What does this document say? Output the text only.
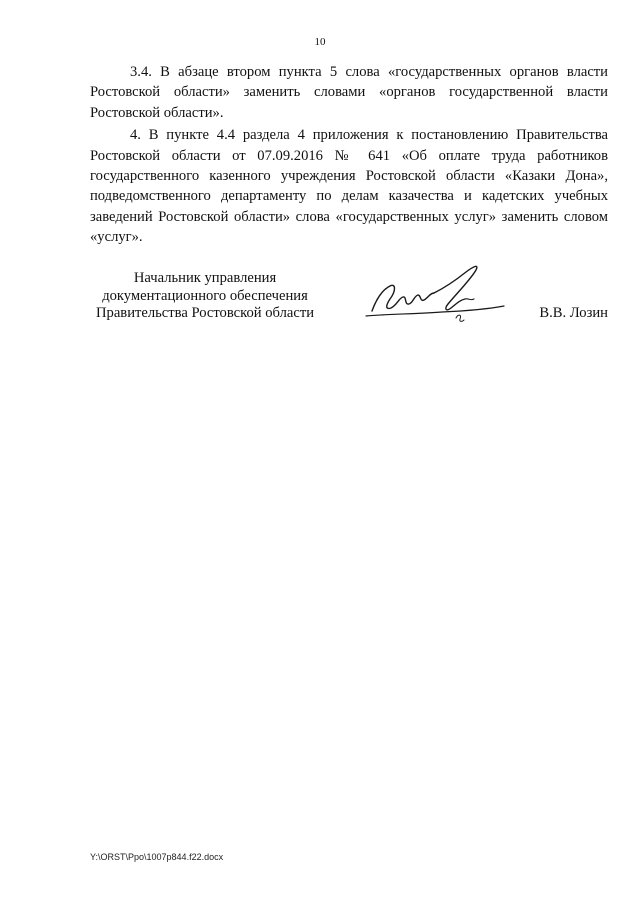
10

3.4. В абзаце втором пункта 5 слова «государственных органов власти Ростовской области» заменить словами «органов государственной власти Ростовской области».

4. В пункте 4.4 раздела 4 приложения к постановлению Правительства Ростовской области от 07.09.2016 № 641 «Об оплате труда работников государственного казенного учреждения Ростовской области «Казаки Дона», подведомственного департаменту по делам казачества и кадетских учебных заведений Ростовской области» слова «государственных услуг» заменить словом «услуг».

Начальник управления
документационного обеспечения
Правительства Ростовской области	В.В. Лозин
Y:\ORST\Ppo\1007p844.f22.docx
